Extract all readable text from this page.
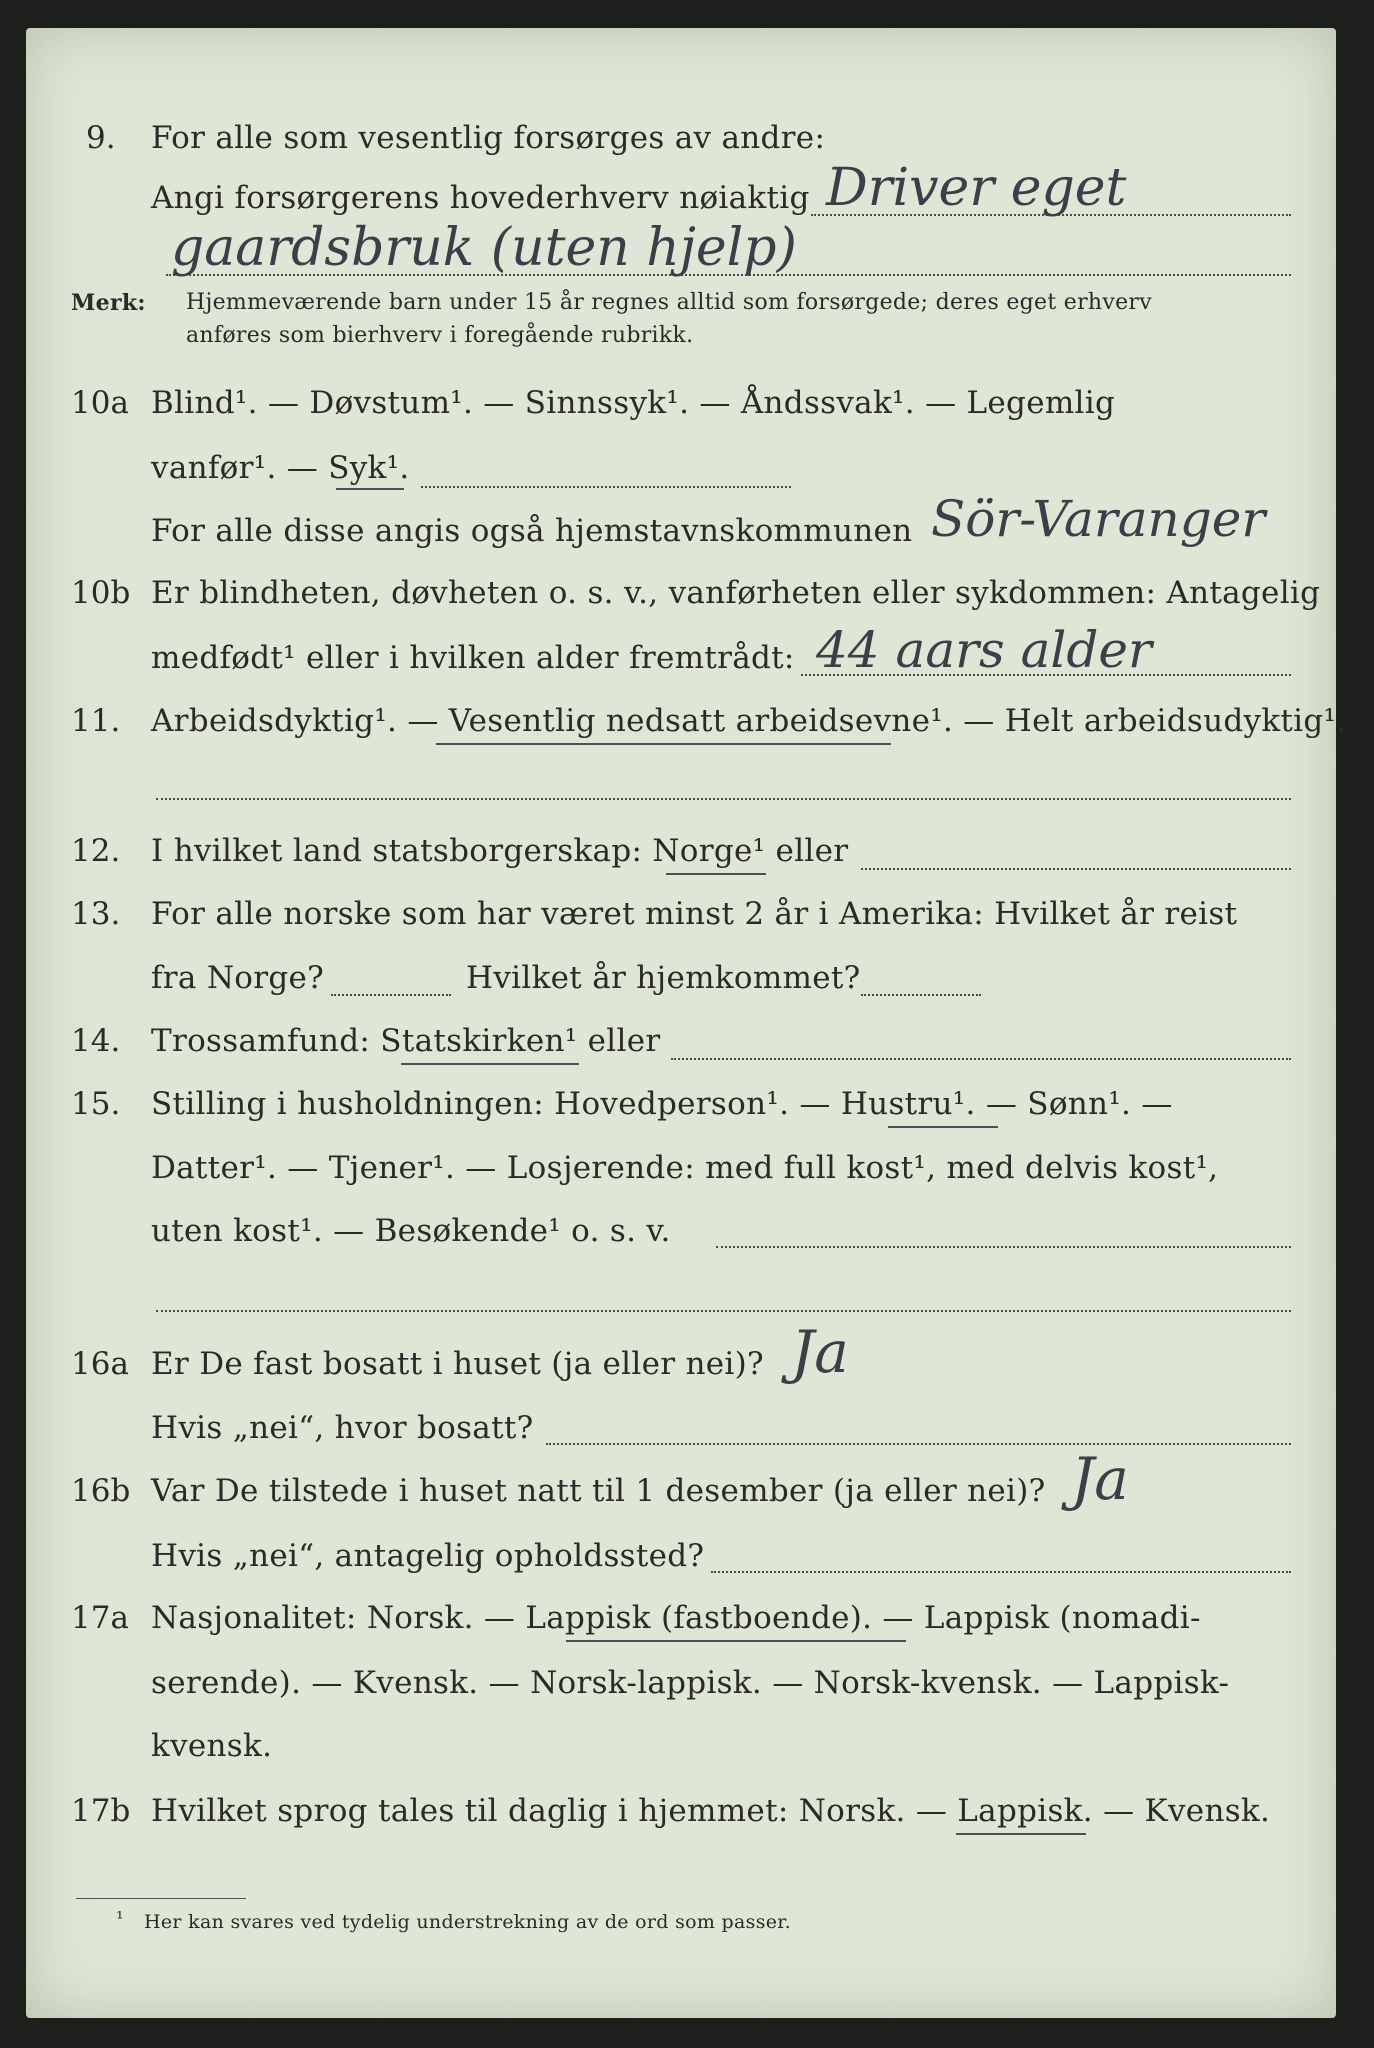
9. For alle som vesentlig forsørges av andre:
Angi forsørgerens hovederhverv nøiaktig Driver eget
gaardsbruk (uten hjelp)
Merk: Hjemmeværende barn under 15 år regnes alltid som forsørgede; deres eget erhverv
anføres som bierhverv i foregående rubrikk.
10a Blind¹. — Døvstum¹. — Sinnssyk¹. — Åndssvak¹. — Legemlig
vanfør¹. — Syk¹.
For alle disse angis også hjemstavnskommunen Sör-Varanger
10b Er blindheten, døvheten o. s. v., vanførheten eller sykdommen: Antagelig
medfødt¹ eller i hvilken alder fremtrådt: 44 aars alder
11. Arbeidsdyktig¹. — Vesentlig nedsatt arbeidsevne¹. — Helt arbeidsudyktig¹.
12. I hvilket land statsborgerskap: Norge¹ eller
13. For alle norske som har været minst 2 år i Amerika: Hvilket år reist
fra Norge?	Hvilket år hjemkommet?
14. Trossamfund: Statskirken¹ eller
15. Stilling i husholdningen: Hovedperson¹. — Hustru¹. — Sønn¹. —
Datter¹. — Tjener¹. — Losjerende: med full kost¹, med delvis kost¹,
uten kost¹. — Besøkende¹ o. s. v.
16a Er De fast bosatt i huset (ja eller nei)? Ja
Hvis „nei“, hvor bosatt?
16b Var De tilstede i huset natt til 1 desember (ja eller nei)? Ja
Hvis „nei“, antagelig opholdssted?
17a Nasjonalitet: Norsk. — Lappisk (fastboende). — Lappisk (nomadi-
serende). — Kvensk. — Norsk-lappisk. — Norsk-kvensk. — Lappisk-
kvensk.
17b Hvilket sprog tales til daglig i hjemmet: Norsk. — Lappisk. — Kvensk.
¹ Her kan svares ved tydelig understrekning av de ord som passer.
